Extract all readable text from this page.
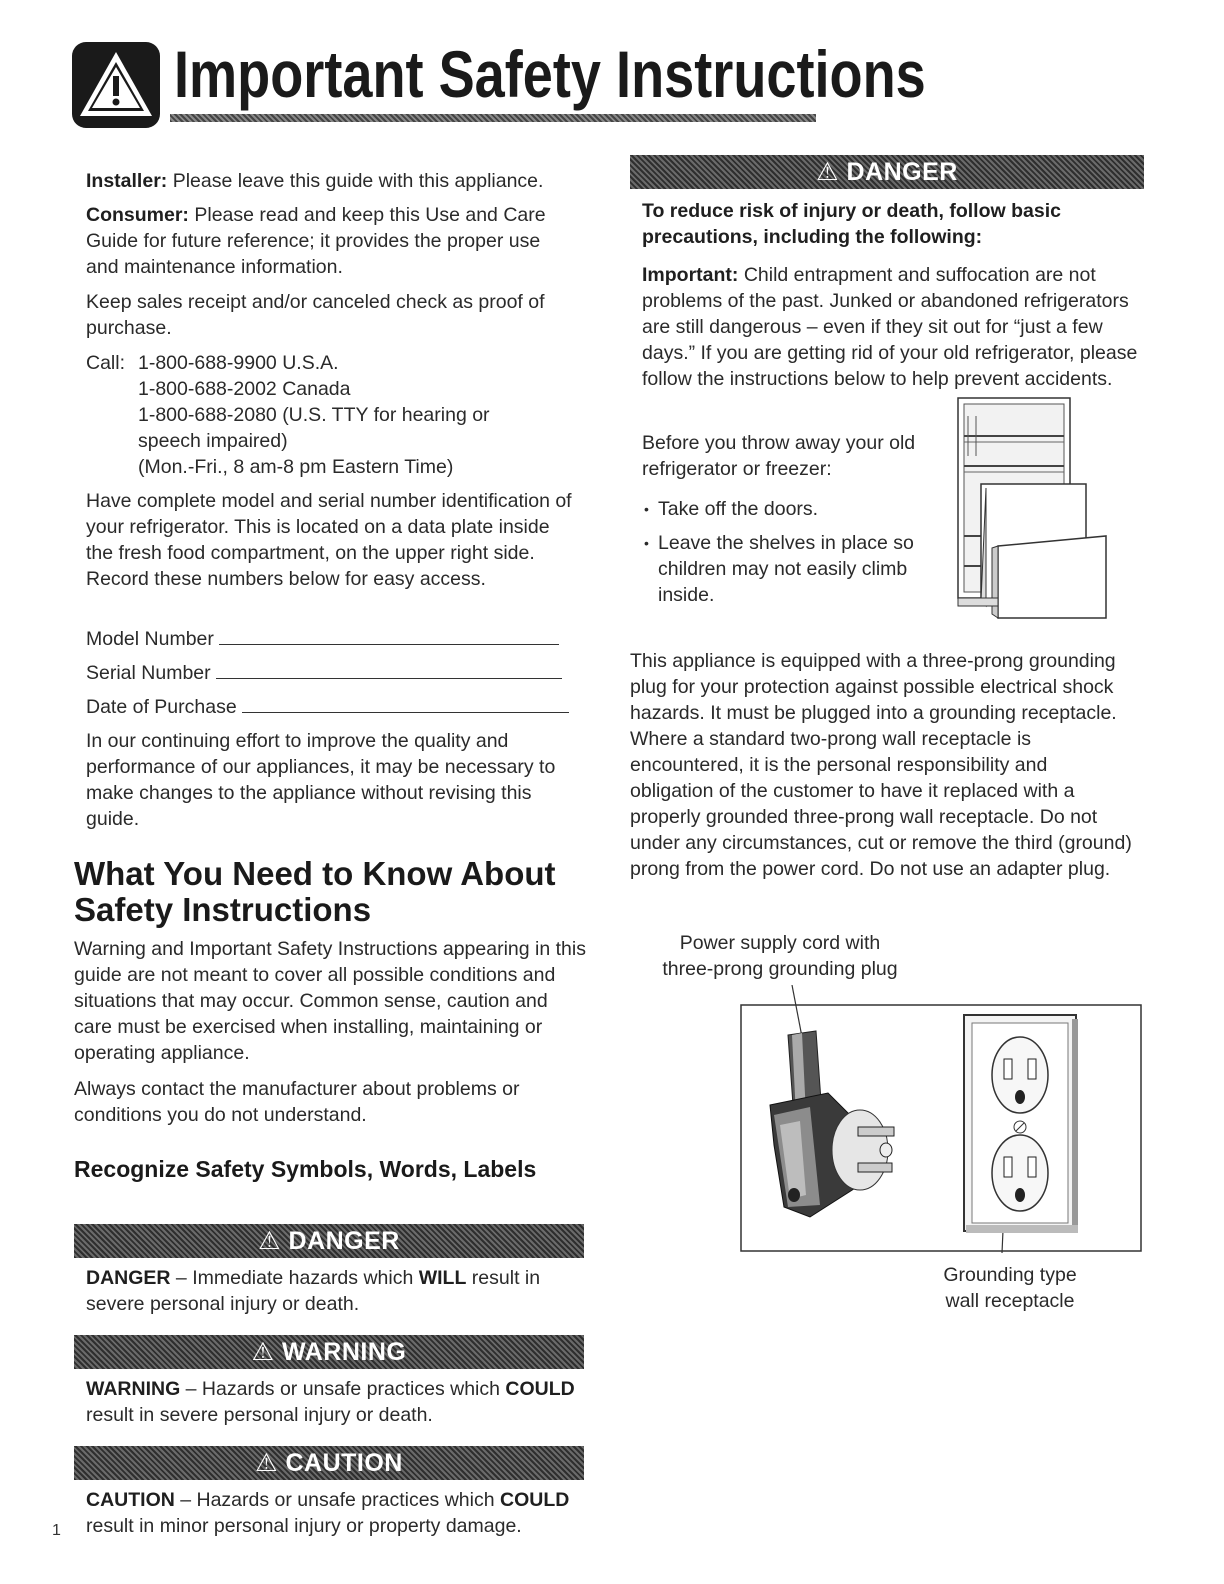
Important Safety Instructions
Installer: Please leave this guide with this appliance.
Consumer: Please read and keep this Use and Care Guide for future reference; it provides the proper use and maintenance information.

Keep sales receipt and/or canceled check as proof of purchase.

Call: 1-800-688-9900 U.S.A.
1-800-688-2002 Canada
1-800-688-2080 (U.S. TTY for hearing or
speech impaired)
(Mon.-Fri., 8 am-8 pm Eastern Time)

Have complete model and serial number identification of your refrigerator. This is located on a data plate inside the fresh food compartment, on the upper right side. Record these numbers below for easy access.

Model Number
Serial Number
Date of Purchase

In our continuing effort to improve the quality and performance of our appliances, it may be necessary to make changes to the appliance without revising this guide.

What You Need to Know About Safety Instructions

Warning and Important Safety Instructions appearing in this guide are not meant to cover all possible conditions and situations that may occur. Common sense, caution and care must be exercised when installing, maintaining or operating appliance.

Always contact the manufacturer about problems or conditions you do not understand.

Recognize Safety Symbols, Words, Labels
⚠ DANGER

DANGER – Immediate hazards which WILL result in severe personal injury or death.

⚠ WARNING

WARNING – Hazards or unsafe practices which COULD result in severe personal injury or death.

⚠ CAUTION

CAUTION – Hazards or unsafe practices which COULD result in minor personal injury or property damage.

1
⚠ DANGER

To reduce risk of injury or death, follow basic precautions, including the following:

Important: Child entrapment and suffocation are not problems of the past. Junked or abandoned refrigerators are still dangerous – even if they sit out for “just a few days.” If you are getting rid of your old refrigerator, please follow the instructions below to help prevent accidents.

Before you throw away your old refrigerator or freezer:

• Take off the doors.
• Leave the shelves in place so children may not easily climb inside.

This appliance is equipped with a three-prong grounding plug for your protection against possible electrical shock hazards. It must be plugged into a grounding receptacle. Where a standard two-prong wall receptacle is encountered, it is the personal responsibility and obligation of the customer to have it replaced with a properly grounded three-prong wall receptacle. Do not under any circumstances, cut or remove the third (ground) prong from the power cord. Do not use an adapter plug.

Power supply cord with
three-prong grounding plug
Grounding type
wall receptacle
